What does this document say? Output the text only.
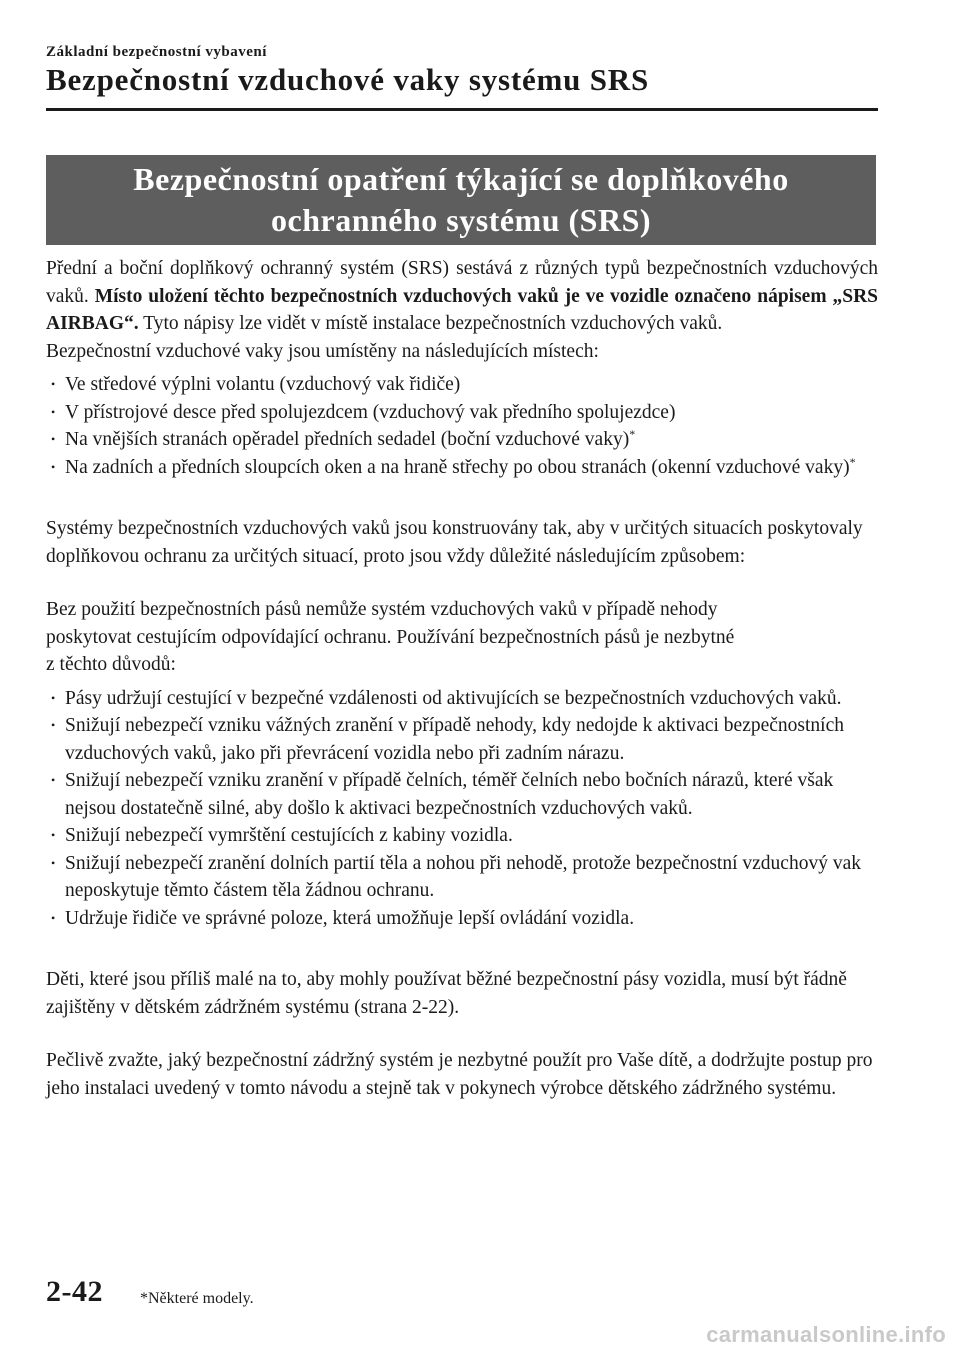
Základní bezpečnostní vybavení
Bezpečnostní vzduchové vaky systému SRS
Bezpečnostní opatření týkající se doplňkového
ochranného systému (SRS)

Přední a boční doplňkový ochranný systém (SRS) sestává z různých typů bezpečnostních vzduchových vaků. Místo uložení těchto bezpečnostních vzduchových vaků je ve vozidle označeno nápisem „SRS AIRBAG“. Tyto nápisy lze vidět v místě instalace bezpečnostních vzduchových vaků.

Bezpečnostní vzduchové vaky jsou umístěny na následujících místech:

• Ve středové výplni volantu (vzduchový vak řidiče)
• V přístrojové desce před spolujezdcem (vzduchový vak předního spolujezdce)
• Na vnějších stranách opěradel předních sedadel (boční vzduchové vaky)*
• Na zadních a předních sloupcích oken a na hraně střechy po obou stranách (okenní vzduchové vaky)*

Systémy bezpečnostních vzduchových vaků jsou konstruovány tak, aby v určitých situacích poskytovaly doplňkovou ochranu za určitých situací, proto jsou vždy důležité následujícím způsobem:

Bez použití bezpečnostních pásů nemůže systém vzduchových vaků v případě nehody
poskytovat cestujícím odpovídající ochranu. Používání bezpečnostních pásů je nezbytné
z těchto důvodů:

• Pásy udržují cestující v bezpečné vzdálenosti od aktivujících se bezpečnostních vzduchových vaků.
• Snižují nebezpečí vzniku vážných zranění v případě nehody, kdy nedojde k aktivaci bezpečnostních vzduchových vaků, jako při převrácení vozidla nebo při zadním nárazu.
• Snižují nebezpečí vzniku zranění v případě čelních, téměř čelních nebo bočních nárazů, které však nejsou dostatečně silné, aby došlo k aktivaci bezpečnostních vzduchových vaků.
• Snižují nebezpečí vymrštění cestujících z kabiny vozidla.
• Snižují nebezpečí zranění dolních partií těla a nohou při nehodě, protože bezpečnostní vzduchový vak neposkytuje těmto částem těla žádnou ochranu.
• Udržuje řidiče ve správné poloze, která umožňuje lepší ovládání vozidla.

Děti, které jsou příliš malé na to, aby mohly používat běžné bezpečnostní pásy vozidla, musí být řádně zajištěny v dětském zádržném systému (strana 2-22).

Pečlivě zvažte, jaký bezpečnostní zádržný systém je nezbytné použít pro Vaše dítě, a dodržujte postup pro jeho instalaci uvedený v tomto návodu a stejně tak v pokynech výrobce dětského zádržného systému.

2-42 *Některé modely.
carmanualsonline.info
